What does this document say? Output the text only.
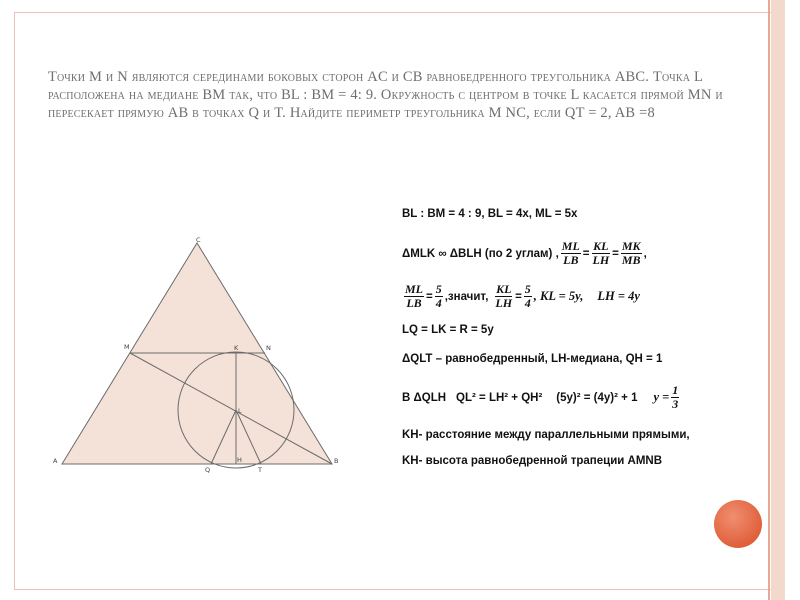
Точки M и N являются серединами боковых сторон AC и CB равнобедренного треугольника ABC. Точка L расположена на медиане BM так, что BL : BM = 4: 9. Окружность с центром в точке L касается прямой MN и пересекает прямую AB в точках Q и T. Найдите периметр треугольника M NC, если QT = 2, AB =8

A	B
C
M	N
K
L
Q
H
T
BL : BM = 4 : 9, BL = 4x, ML = 5x
ΔMLK ∞ ΔBLH (по 2 углам) , $\frac{ML}{LB} = \frac{KL}{LH} = \frac{MK}{MB}$ ,
$\frac{ML}{LB} = \frac{5}{4}$ ,значит, $\frac{KL}{LH} = \frac{5}{4}$ , KL = 5y, LH = 4y
LQ = LK = R = 5y
ΔQLT – равнобедренный, LH-медиана, QH = 1
В ΔQLH QL² = LH² + QH² (5y)² = (4y)² + 1 $y = \frac{1}{3}$
KH- расстояние между параллельными прямыми,
KH- высота равнобедренной трапеции AMNB
